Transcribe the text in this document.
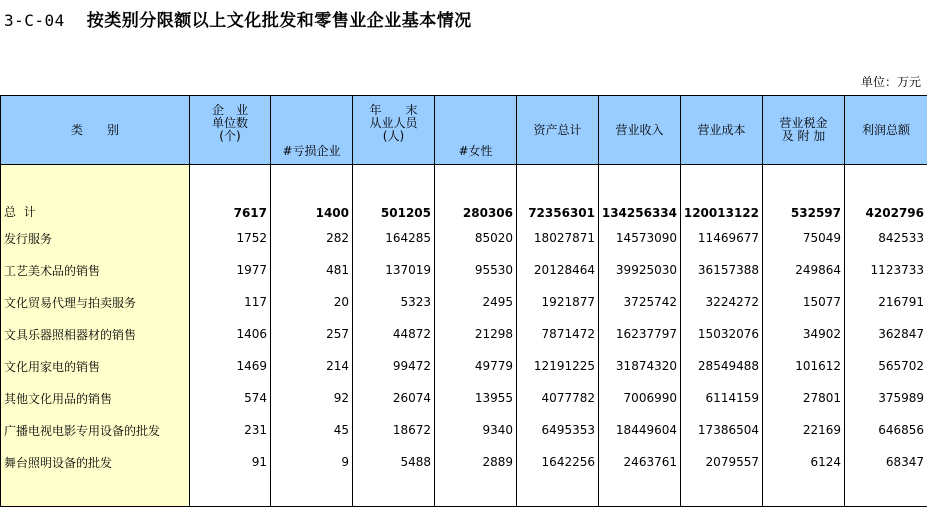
3-C-04 按类别分限额以上文化批发和零售业企业基本情况
单位：万元
类　　别	企　业
单位数
(个)	#亏损企业	年　　末
从业人员
(人)	#女性	资产总计	营业收入	营业成本	营业税金
及 附 加	利润总额

总  计	7617	1400	501205	280306	72356301	134256334	120013122	532597	4202796
发行服务	1752	282	164285	85020	18027871	14573090	11469677	75049	842533
工艺美术品的销售	1977	481	137019	95530	20128464	39925030	36157388	249864	1123733
文化贸易代理与拍卖服务	117	20	5323	2495	1921877	3725742	3224272	15077	216791
文具乐器照相器材的销售	1406	257	44872	21298	7871472	16237797	15032076	34902	362847
文化用家电的销售	1469	214	99472	49779	12191225	31874320	28549488	101612	565702
其他文化用品的销售	574	92	26074	13955	4077782	7006990	6114159	27801	375989
广播电视电影专用设备的批发	231	45	18672	9340	6495353	18449604	17386504	22169	646856
舞台照明设备的批发	91	9	5488	2889	1642256	2463761	2079557	6124	68347
